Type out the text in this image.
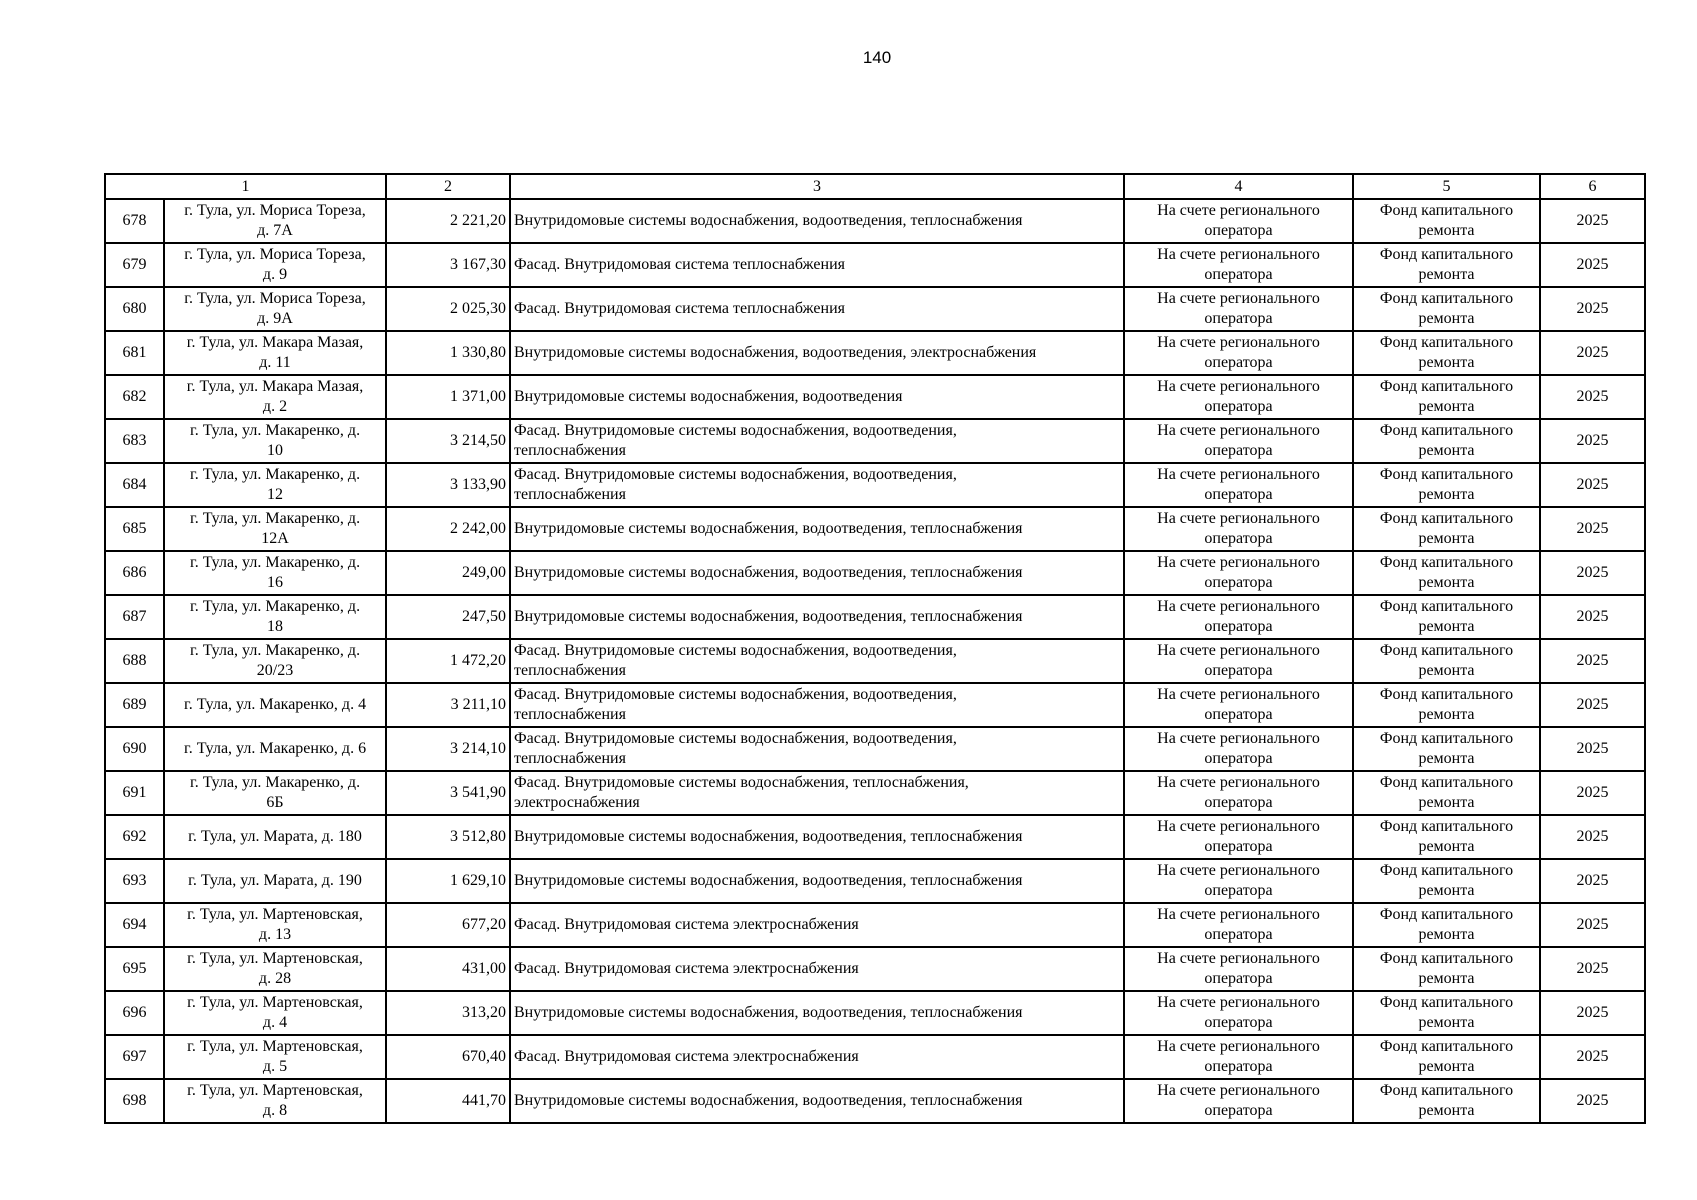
140
1		2	3	4	5	6

678	г. Тула, ул. Мориса Тореза,
д. 7А	2 221,20	Внутридомовые системы водоснабжения, водоотведения, теплоснабжения	На счете регионального
оператора	Фонд капитального
ремонта	2025

679	г. Тула, ул. Мориса Тореза,
д. 9	3 167,30	Фасад. Внутридомовая система теплоснабжения	На счете регионального
оператора	Фонд капитального
ремонта	2025

680	г. Тула, ул. Мориса Тореза,
д. 9А	2 025,30	Фасад. Внутридомовая система теплоснабжения	На счете регионального
оператора	Фонд капитального
ремонта	2025

681	г. Тула, ул. Макара Мазая,
д. 11	1 330,80	Внутридомовые системы водоснабжения, водоотведения, электроснабжения	На счете регионального
оператора	Фонд капитального
ремонта	2025

682	г. Тула, ул. Макара Мазая,
д. 2	1 371,00	Внутридомовые системы водоснабжения, водоотведения	На счете регионального
оператора	Фонд капитального
ремонта	2025

683	г. Тула, ул. Макаренко, д.
10	3 214,50	Фасад. Внутридомовые системы водоснабжения, водоотведения,
теплоснабжения	На счете регионального
оператора	Фонд капитального
ремонта	2025

684	г. Тула, ул. Макаренко, д.
12	3 133,90	Фасад. Внутридомовые системы водоснабжения, водоотведения,
теплоснабжения	На счете регионального
оператора	Фонд капитального
ремонта	2025

685	г. Тула, ул. Макаренко, д.
12А	2 242,00	Внутридомовые системы водоснабжения, водоотведения, теплоснабжения	На счете регионального
оператора	Фонд капитального
ремонта	2025

686	г. Тула, ул. Макаренко, д.
16	249,00	Внутридомовые системы водоснабжения, водоотведения, теплоснабжения	На счете регионального
оператора	Фонд капитального
ремонта	2025

687	г. Тула, ул. Макаренко, д.
18	247,50	Внутридомовые системы водоснабжения, водоотведения, теплоснабжения	На счете регионального
оператора	Фонд капитального
ремонта	2025

688	г. Тула, ул. Макаренко, д.
20/23	1 472,20	Фасад. Внутридомовые системы водоснабжения, водоотведения,
теплоснабжения	На счете регионального
оператора	Фонд капитального
ремонта	2025

689	г. Тула, ул. Макаренко, д. 4	3 211,10	Фасад. Внутридомовые системы водоснабжения, водоотведения,
теплоснабжения	На счете регионального
оператора	Фонд капитального
ремонта	2025

690	г. Тула, ул. Макаренко, д. 6	3 214,10	Фасад. Внутридомовые системы водоснабжения, водоотведения,
теплоснабжения	На счете регионального
оператора	Фонд капитального
ремонта	2025

691	г. Тула, ул. Макаренко, д.
6Б	3 541,90	Фасад. Внутридомовые системы водоснабжения, теплоснабжения,
электроснабжения	На счете регионального
оператора	Фонд капитального
ремонта	2025

692	г. Тула, ул. Марата, д. 180	3 512,80	Внутридомовые системы водоснабжения, водоотведения, теплоснабжения	На счете регионального
оператора	Фонд капитального
ремонта	2025

693	г. Тула, ул. Марата, д. 190	1 629,10	Внутридомовые системы водоснабжения, водоотведения, теплоснабжения	На счете регионального
оператора	Фонд капитального
ремонта	2025

694	г. Тула, ул. Мартеновская,
д. 13	677,20	Фасад. Внутридомовая система электроснабжения	На счете регионального
оператора	Фонд капитального
ремонта	2025

695	г. Тула, ул. Мартеновская,
д. 28	431,00	Фасад. Внутридомовая система электроснабжения	На счете регионального
оператора	Фонд капитального
ремонта	2025

696	г. Тула, ул. Мартеновская,
д. 4	313,20	Внутридомовые системы водоснабжения, водоотведения, теплоснабжения	На счете регионального
оператора	Фонд капитального
ремонта	2025

697	г. Тула, ул. Мартеновская,
д. 5	670,40	Фасад. Внутридомовая система электроснабжения	На счете регионального
оператора	Фонд капитального
ремонта	2025

698	г. Тула, ул. Мартеновская,
д. 8	441,70	Внутридомовые системы водоснабжения, водоотведения, теплоснабжения	На счете регионального
оператора	Фонд капитального
ремонта	2025
